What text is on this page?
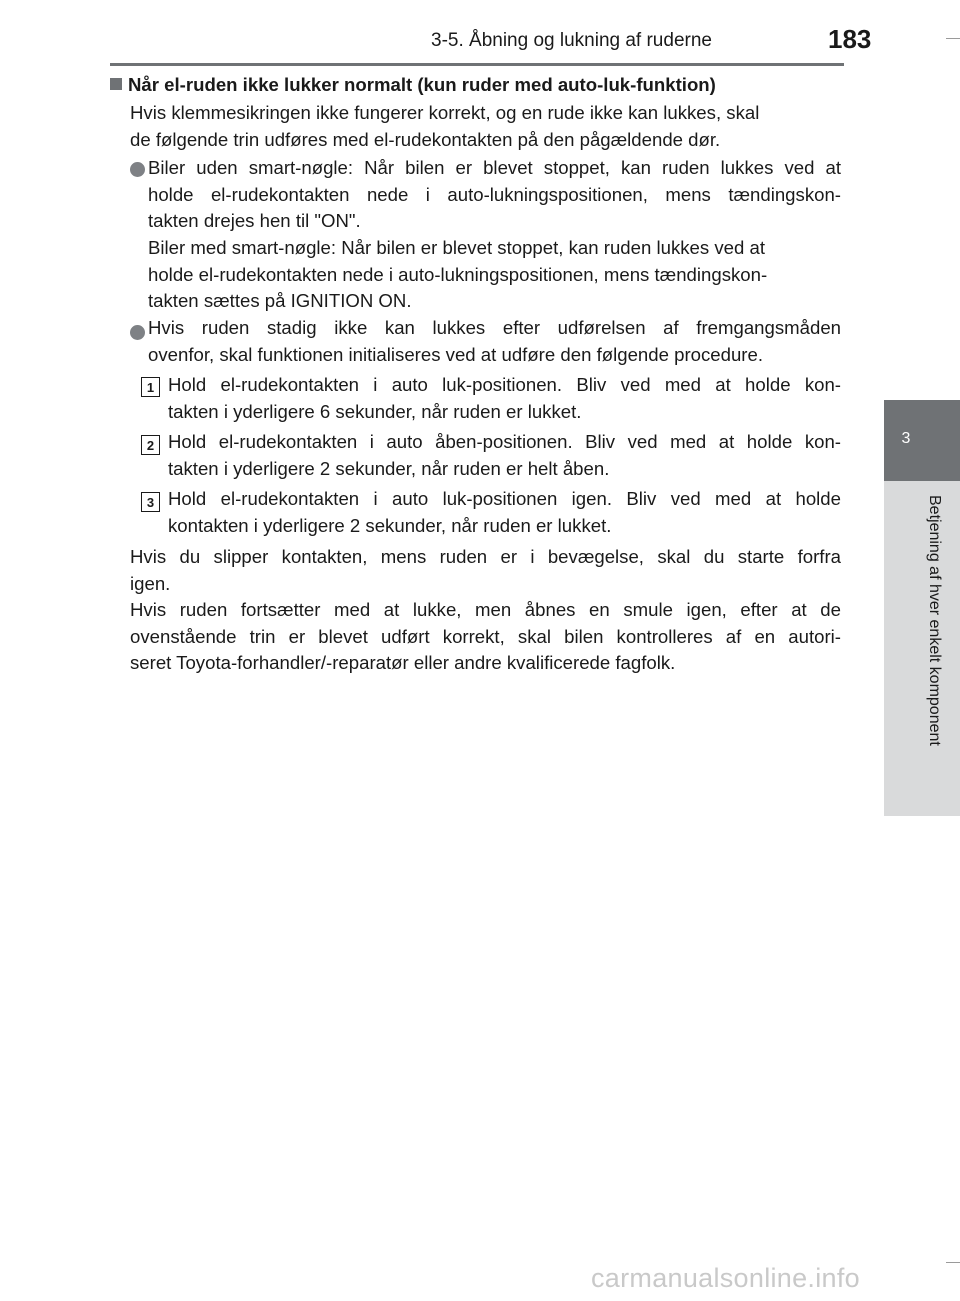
3-5. Åbning og lukning af ruderne	183
3
Betjening af hver enkelt komponent
Når el-ruden ikke lukker normalt (kun ruder med auto-luk-funktion)
Hvis klemmesikringen ikke fungerer korrekt, og en rude ikke kan lukkes, skal
de følgende trin udføres med el-rudekontakten på den pågældende dør.
Biler uden smart-nøgle: Når bilen er blevet stoppet, kan ruden lukkes ved at
holde el-rudekontakten nede i auto-lukningspositionen, mens tændingskon-
takten drejes hen til "ON".
Biler med smart-nøgle: Når bilen er blevet stoppet, kan ruden lukkes ved at
holde el-rudekontakten nede i auto-lukningspositionen, mens tændingskon-
takten sættes på IGNITION ON.
Hvis ruden stadig ikke kan lukkes efter udførelsen af fremgangsmåden
ovenfor, skal funktionen initialiseres ved at udføre den følgende procedure.
1 Hold el-rudekontakten i auto luk-positionen. Bliv ved med at holde kon-
takten i yderligere 6 sekunder, når ruden er lukket.
2 Hold el-rudekontakten i auto åben-positionen. Bliv ved med at holde kon-
takten i yderligere 2 sekunder, når ruden er helt åben.
3 Hold el-rudekontakten i auto luk-positionen igen. Bliv ved med at holde
kontakten i yderligere 2 sekunder, når ruden er lukket.
Hvis du slipper kontakten, mens ruden er i bevægelse, skal du starte forfra
igen.
Hvis ruden fortsætter med at lukke, men åbnes en smule igen, efter at de
ovenstående trin er blevet udført korrekt, skal bilen kontrolleres af en autori-
seret Toyota-forhandler/-reparatør eller andre kvalificerede fagfolk.
carmanualsonline.info
